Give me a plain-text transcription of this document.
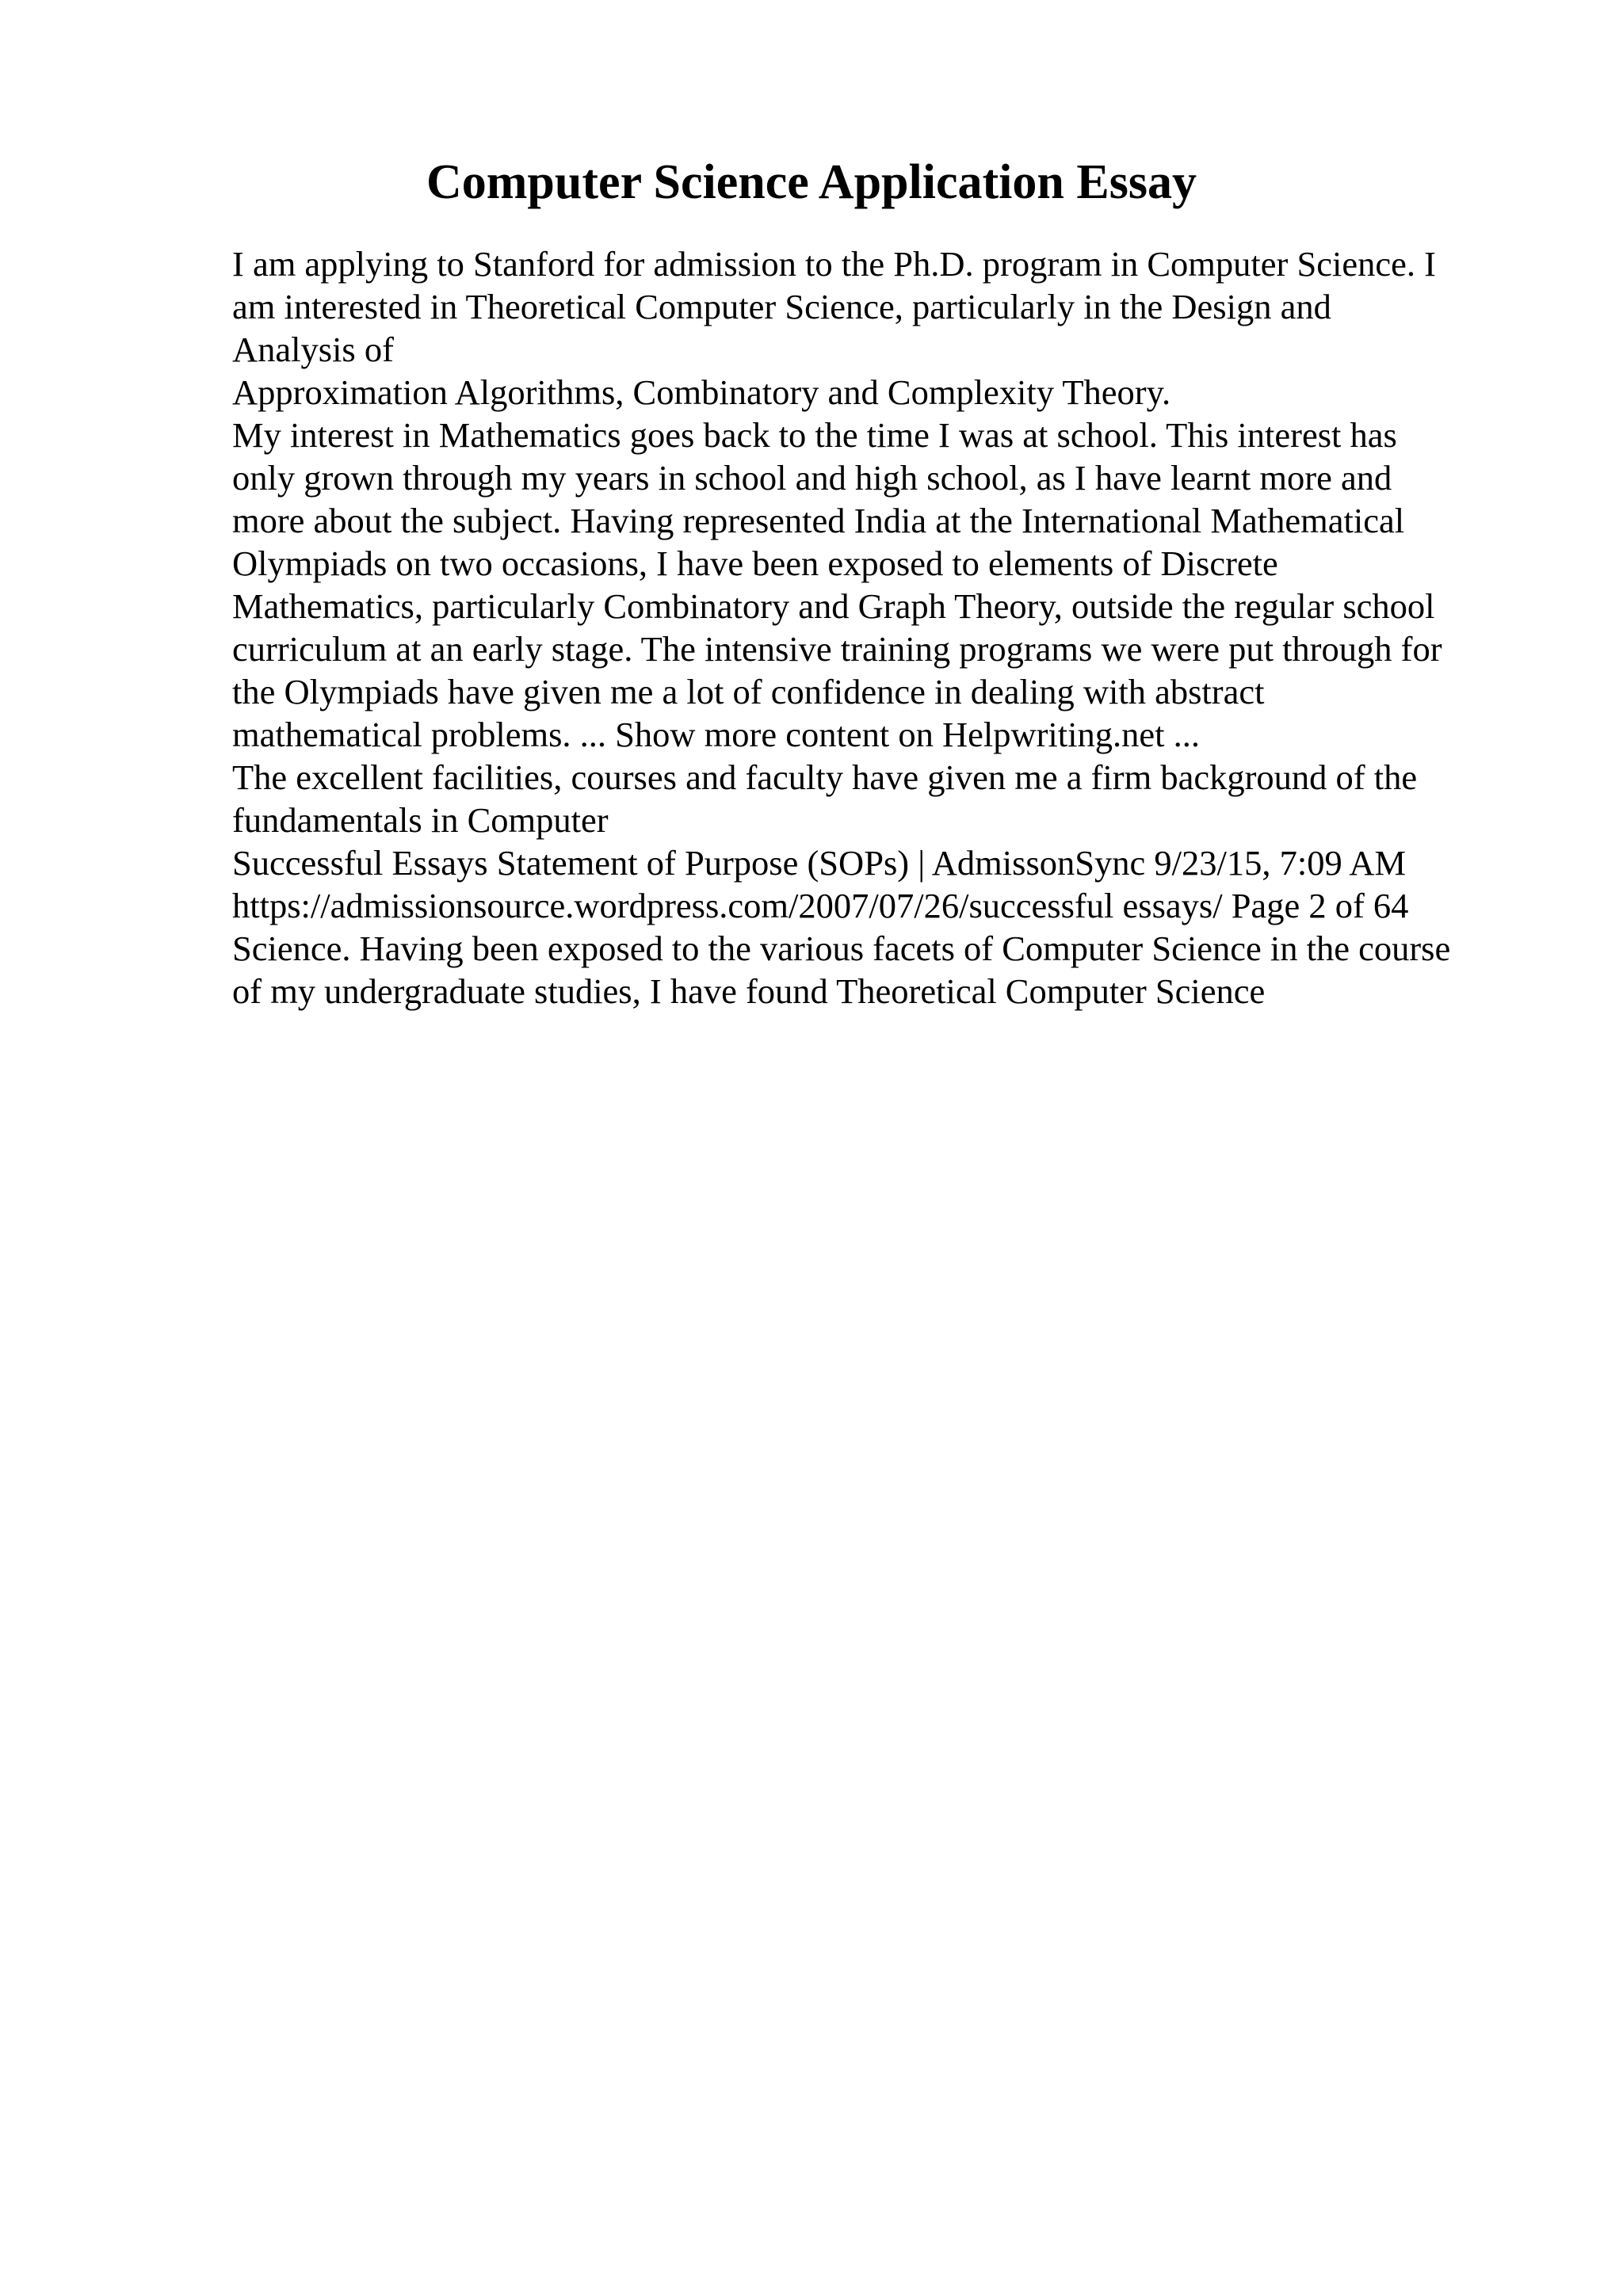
Computer Science Application Essay
I am applying to Stanford for admission to the Ph.D. program in Computer Science. I
am interested in Theoretical Computer Science, particularly in the Design and
Analysis of
Approximation Algorithms, Combinatory and Complexity Theory.
My interest in Mathematics goes back to the time I was at school. This interest has
only grown through my years in school and high school, as I have learnt more and
more about the subject. Having represented India at the International Mathematical
Olympiads on two occasions, I have been exposed to elements of Discrete
Mathematics, particularly Combinatory and Graph Theory, outside the regular school
curriculum at an early stage. The intensive training programs we were put through for
the Olympiads have given me a lot of confidence in dealing with abstract
mathematical problems. ... Show more content on Helpwriting.net ...
The excellent facilities, courses and faculty have given me a firm background of the
fundamentals in Computer
Successful Essays Statement of Purpose (SOPs) | AdmissonSync 9/23/15, 7:09 AM
https://admissionsource.wordpress.com/2007/07/26/successful essays/ Page 2 of 64
Science. Having been exposed to the various facets of Computer Science in the course
of my undergraduate studies, I have found Theoretical Computer Science
